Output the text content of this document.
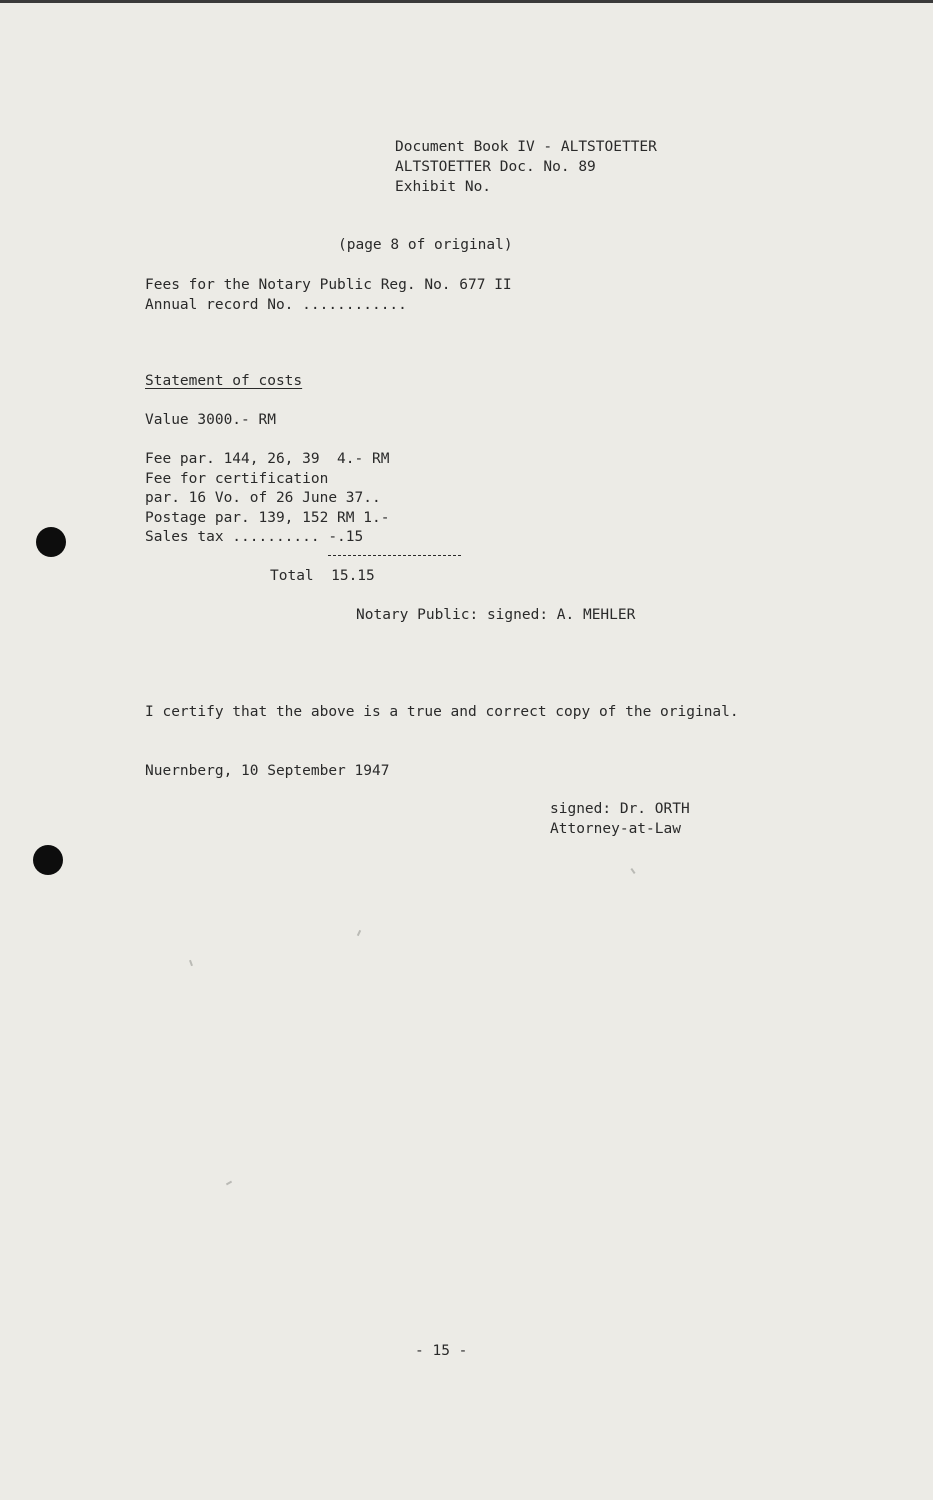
Document Book IV - ALTSTOETTER
ALTSTOETTER Doc. No. 89
Exhibit No.
(page 8 of original)
Fees for the Notary Public Reg. No. 677 II
Annual record No. ............
Statement of costs
Value 3000.- RM
Fee par. 144, 26, 39  4.- RM
Fee for certification
par. 16 Vo. of 26 June 37..
Postage par. 139, 152 RM 1.-
Sales tax .......... -.15
Total  15.15
Notary Public: signed: A. MEHLER
I certify that the above is a true and correct copy of the original.
Nuernberg, 10 September 1947
signed: Dr. ORTH
Attorney-at-Law
- 15 -
